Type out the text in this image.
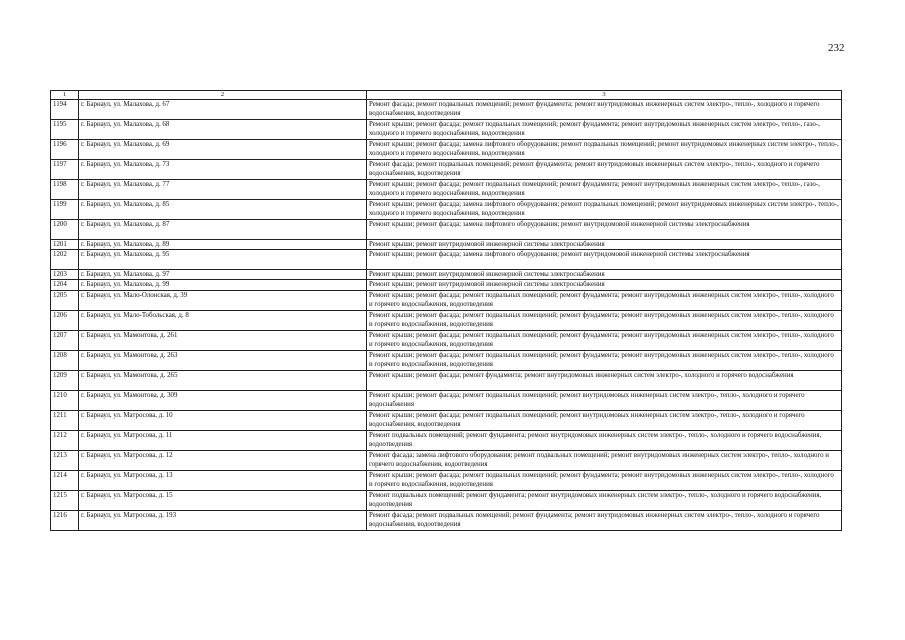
232
1	2	3
1194	г. Барнаул, ул. Малахова, д. 67	Ремонт фасада; ремонт подвальных помещений; ремонт фундамента; ремонт внутридомовых инженерных систем электро-, тепло-, холодного и горячего водоснабжения, водоотведения
1195	г. Барнаул, ул. Малахова, д. 68	Ремонт крыши; ремонт фасада; ремонт подвальных помещений; ремонт фундамента; ремонт внутридомовых инженерных систем электро-, тепло-, газо-, холодного и горячего водоснабжения, водоотведения
1196	г. Барнаул, ул. Малахова, д. 69	Ремонт крыши; ремонт фасада; замена лифтового оборудования; ремонт подвальных помещений; ремонт внутридомовых инженерных систем электро-, тепло-, холодного и горячего водоснабжения, водоотведения
1197	г. Барнаул, ул. Малахова, д. 73	Ремонт фасада; ремонт подвальных помещений; ремонт фундамента; ремонт внутридомовых инженерных систем электро-, тепло-, холодного и горячего водоснабжения, водоотведения
1198	г. Барнаул, ул. Малахова, д. 77	Ремонт крыши; ремонт фасада; ремонт подвальных помещений; ремонт фундамента; ремонт внутридомовых инженерных систем электро-, тепло-, газо-, холодного и горячего водоснабжения, водоотведения
1199	г. Барнаул, ул. Малахова, д. 85	Ремонт крыши; ремонт фасада; замена лифтового оборудования; ремонт подвальных помещений; ремонт внутридомовых инженерных систем электро-, тепло-, холодного и горячего водоснабжения, водоотведения
1200	г. Барнаул, ул. Малахова, д. 87	Ремонт крыши; ремонт фасада; замена лифтового оборудования; ремонт внутридомовой инженерной системы электроснабжения
1201	г. Барнаул, ул. Малахова, д. 89	Ремонт крыши; ремонт внутридомовой инженерной системы электроснабжения
1202	г. Барнаул, ул. Малахова, д. 95	Ремонт крыши; ремонт фасада; замена лифтового оборудования; ремонт внутридомовой инженерной системы электроснабжения
1203	г. Барнаул, ул. Малахова, д. 97	Ремонт крыши; ремонт внутридомовой инженерной системы электроснабжения
1204	г. Барнаул, ул. Малахова, д. 99	Ремонт крыши; ремонт внутридомовой инженерной системы электроснабжения
1205	г. Барнаул, ул. Мало-Олонская, д. 39	Ремонт крыши; ремонт фасада; ремонт подвальных помещений; ремонт фундамента; ремонт внутридомовых инженерных систем электро-, тепло-, холодного и горячего водоснабжения, водоотведения
1206	г. Барнаул, ул. Мало-Тобольская, д. 8	Ремонт крыши; ремонт фасада; ремонт подвальных помещений; ремонт фундамента; ремонт внутридомовых инженерных систем электро-, тепло-, холодного и горячего водоснабжения, водоотведения
1207	г. Барнаул, ул. Мамонтова, д. 261	Ремонт крыши; ремонт фасада; ремонт подвальных помещений; ремонт фундамента; ремонт внутридомовых инженерных систем электро-, тепло-, холодного и горячего водоснабжения, водоотведения
1208	г. Барнаул, ул. Мамонтова, д. 263	Ремонт крыши; ремонт фасада; ремонт подвальных помещений; ремонт фундамента; ремонт внутридомовых инженерных систем электро-, тепло-, холодного и горячего водоснабжения, водоотведения
1209	г. Барнаул, ул. Мамонтова, д. 265	Ремонт крыши; ремонт фасада; ремонт фундамента; ремонт внутридомовых инженерных систем электро-, холодного и горячего водоснабжения
1210	г. Барнаул, ул. Мамонтова, д. 309	Ремонт крыши; ремонт фасада; ремонт подвальных помещений; ремонт внутридомовых инженерных систем электро-, тепло-, холодного и горячего водоснабжения
1211	г. Барнаул, ул. Матросова, д. 10	Ремонт крыши; ремонт фасада; ремонт подвальных помещений; ремонт внутридомовых инженерных систем электро-, тепло-, холодного и горячего водоснабжения, водоотведения
1212	г. Барнаул, ул. Матросова, д. 11	Ремонт подвальных помещений; ремонт фундамента; ремонт внутридомовых инженерных систем электро-, тепло-, холодного и горячего водоснабжения, водоотведения
1213	г. Барнаул, ул. Матросова, д. 12	Ремонт фасада; замена лифтового оборудования; ремонт подвальных помещений; ремонт внутридомовых инженерных систем электро-, тепло-, холодного и горячего водоснабжения, водоотведения
1214	г. Барнаул, ул. Матросова, д. 13	Ремонт крыши; ремонт фасада; ремонт подвальных помещений; ремонт фундамента; ремонт внутридомовых инженерных систем электро-, тепло-, холодного и горячего водоснабжения, водоотведения
1215	г. Барнаул, ул. Матросова, д. 15	Ремонт подвальных помещений; ремонт фундамента; ремонт внутридомовых инженерных систем электро-, тепло-, холодного и горячего водоснабжения, водоотведения
1216	г. Барнаул, ул. Матросова, д. 193	Ремонт фасада; ремонт подвальных помещений; ремонт фундамента; ремонт внутридомовых инженерных систем электро-, тепло-, холодного и горячего водоснабжения, водоотведения
